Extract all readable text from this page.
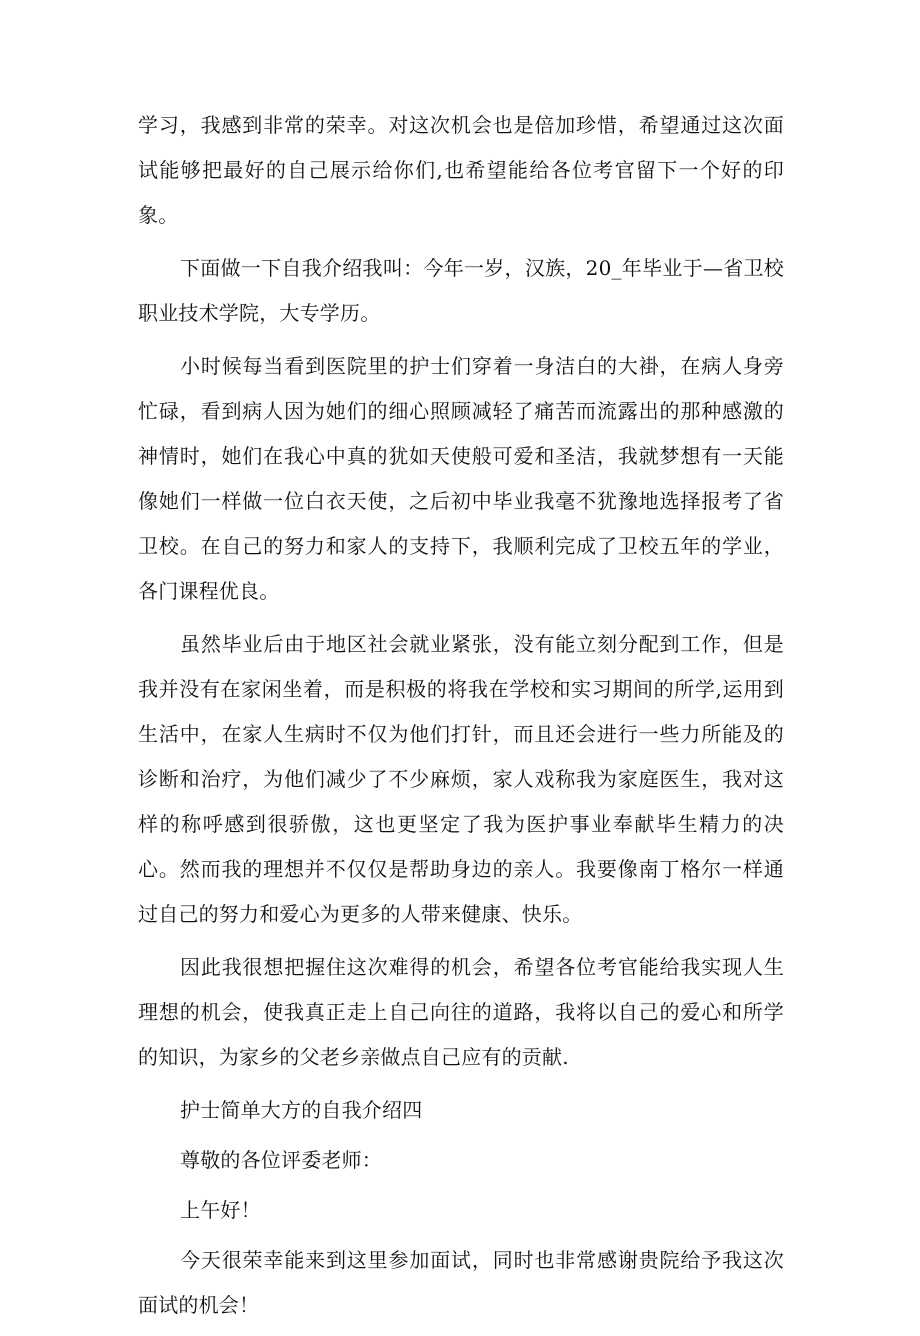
学习，我感到非常的荣幸。对这次机会也是倍加珍惜，希望通过这次面试能够把最好的自己展示给你们,也希望能给各位考官留下一个好的印象。

下面做一下自我介绍我叫：今年一岁，汉族，20_年毕业于—省卫校职业技术学院，大专学历。

小时候每当看到医院里的护士们穿着一身洁白的大褂，在病人身旁忙碌，看到病人因为她们的细心照顾减轻了痛苦而流露出的那种感激的神情时，她们在我心中真的犹如天使般可爱和圣洁，我就梦想有一天能像她们一样做一位白衣天使，之后初中毕业我毫不犹豫地选择报考了省卫校。在自己的努力和家人的支持下，我顺利完成了卫校五年的学业，各门课程优良。

虽然毕业后由于地区社会就业紧张，没有能立刻分配到工作，但是我并没有在家闲坐着，而是积极的将我在学校和实习期间的所学,运用到生活中，在家人生病时不仅为他们打针，而且还会进行一些力所能及的诊断和治疗，为他们减少了不少麻烦，家人戏称我为家庭医生，我对这样的称呼感到很骄傲，这也更坚定了我为医护事业奉献毕生精力的决心。然而我的理想并不仅仅是帮助身边的亲人。我要像南丁格尔一样通过自己的努力和爱心为更多的人带来健康、快乐。

因此我很想把握住这次难得的机会，希望各位考官能给我实现人生理想的机会，使我真正走上自己向往的道路，我将以自己的爱心和所学的知识，为家乡的父老乡亲做点自己应有的贡献.

护士简单大方的自我介绍四

尊敬的各位评委老师：

上午好！

今天很荣幸能来到这里参加面试，同时也非常感谢贵院给予我这次面试的机会！
